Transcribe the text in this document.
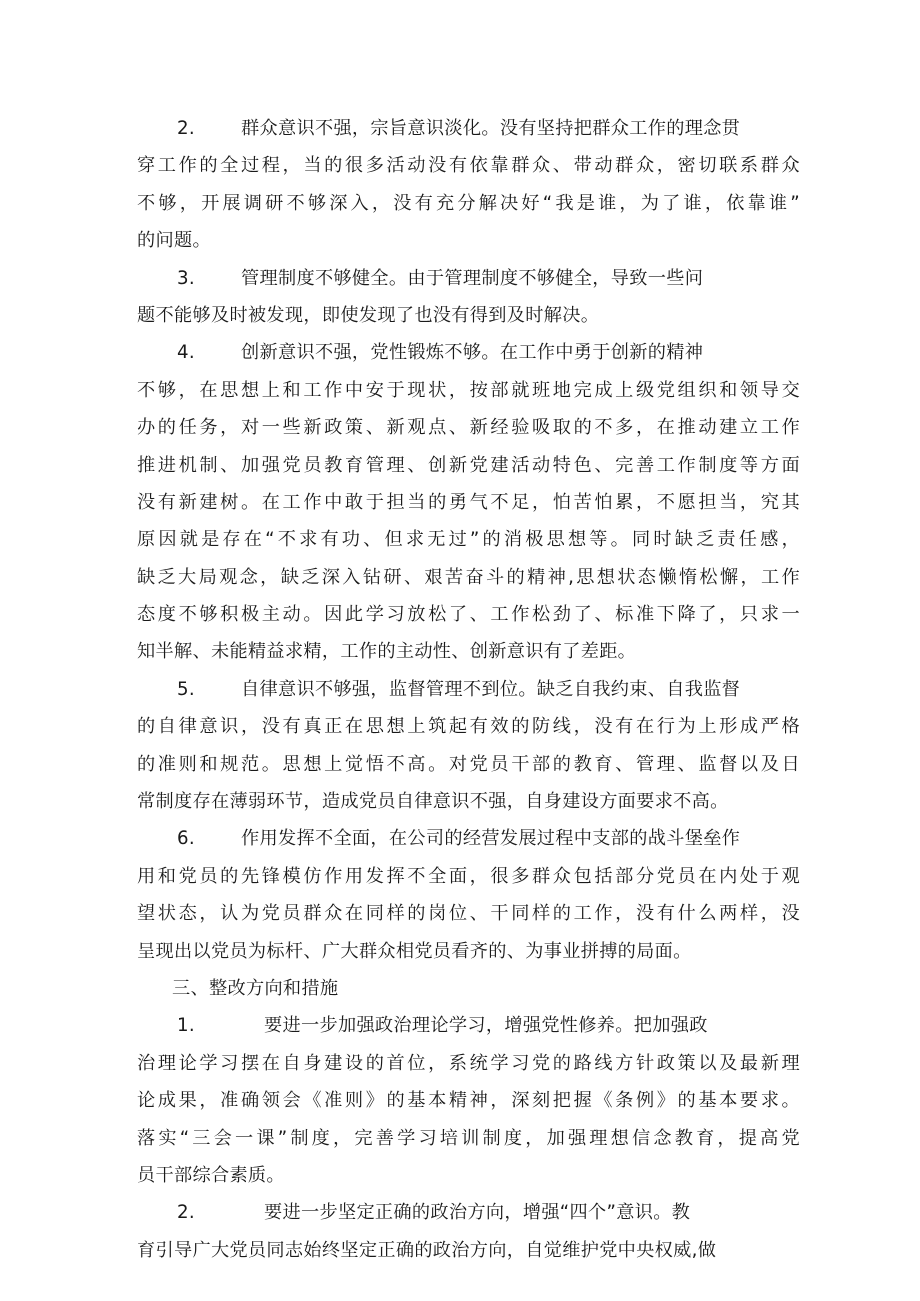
2.	群众意识不强，宗旨意识淡化。没有坚持把群众工作的理念贯
穿工作的全过程，当的很多活动没有依靠群众、带动群众，密切联系群众
不够，开展调研不够深入，没有充分解决好“我是谁，为了谁，依靠谁”
的问题。
3.	管理制度不够健全。由于管理制度不够健全，导致一些问
题不能够及时被发现，即使发现了也没有得到及时解决。
4.	创新意识不强，党性锻炼不够。在工作中勇于创新的精神
不够，在思想上和工作中安于现状，按部就班地完成上级党组织和领导交
办的任务，对一些新政策、新观点、新经验吸取的不多，在推动建立工作
推进机制、加强党员教育管理、创新党建活动特色、完善工作制度等方面
没有新建树。在工作中敢于担当的勇气不足，怕苦怕累，不愿担当，究其
原因就是存在“不求有功、但求无过”的消极思想等。同时缺乏责任感，
缺乏大局观念，缺乏深入钻研、艰苦奋斗的精神,思想状态懒惰松懈，工作
态度不够积极主动。因此学习放松了、工作松劲了、标准下降了，只求一
知半解、未能精益求精，工作的主动性、创新意识有了差距。
5.	自律意识不够强，监督管理不到位。缺乏自我约束、自我监督
的自律意识，没有真正在思想上筑起有效的防线，没有在行为上形成严格
的准则和规范。思想上觉悟不高。对党员干部的教育、管理、监督以及日
常制度存在薄弱环节，造成党员自律意识不强，自身建设方面要求不高。
6.	作用发挥不全面，在公司的经营发展过程中支部的战斗堡垒作
用和党员的先锋模仿作用发挥不全面，很多群众包括部分党员在内处于观
望状态，认为党员群众在同样的岗位、干同样的工作，没有什么两样，没
呈现出以党员为标杆、广大群众相党员看齐的、为事业拼搏的局面。
三、整改方向和措施
1.	要进一步加强政治理论学习，增强党性修养。把加强政
治理论学习摆在自身建设的首位，系统学习党的路线方针政策以及最新理
论成果，准确领会《准则》的基本精神，深刻把握《条例》的基本要求。
落实“三会一课”制度，完善学习培训制度，加强理想信念教育，提高党
员干部综合素质。
2.	要进一步坚定正确的政治方向，增强“四个”意识。教
育引导广大党员同志始终坚定正确的政治方向，自觉维护党中央权威,做
